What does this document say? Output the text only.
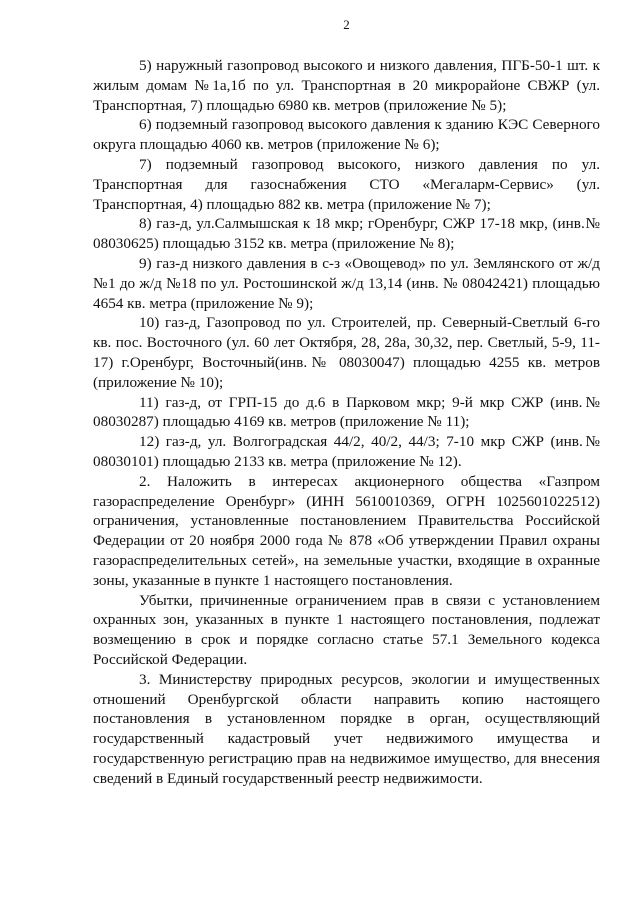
2

5) наружный газопровод высокого и низкого давления, ПГБ-50-1 шт. к жилым домам №1а,1б по ул. Транспортная в 20 микрорайоне СВЖР (ул. Транспортная, 7) площадью 6980 кв. метров (приложение № 5);

6) подземный газопровод высокого давления к зданию КЭС Северного округа площадью 4060 кв. метров (приложение № 6);

7) подземный газопровод высокого, низкого давления по ул. Транспортная для газоснабжения СТО «Мегаларм-Сервис» (ул. Транспортная, 4) площадью 882 кв. метра (приложение № 7);

8) газ-д, ул.Салмышская к 18 мкр; гОренбург, СЖР 17-18 мкр, (инв.№ 08030625) площадью 3152 кв. метра (приложение № 8);

9) газ-д низкого давления в с-з «Овощевод» по ул. Землянского от ж/д №1 до ж/д №18 по ул. Ростошинской ж/д 13,14 (инв. № 08042421) площадью 4654 кв. метра (приложение № 9);

10) газ-д, Газопровод по ул. Строителей, пр. Северный-Светлый 6-го кв. пос. Восточного (ул. 60 лет Октября, 28, 28а, 30,32, пер. Светлый, 5-9, 11-17) г.Оренбург, Восточный(инв.№ 08030047) площадью 4255 кв. метров (приложение № 10);

11) газ-д, от ГРП-15 до д.6 в Парковом мкр; 9-й мкр СЖР (инв.№ 08030287) площадью 4169 кв. метров (приложение № 11);

12) газ-д, ул. Волгоградская 44/2, 40/2, 44/3; 7-10 мкр СЖР (инв.№ 08030101) площадью 2133 кв. метра (приложение № 12).

2. Наложить в интересах акционерного общества «Газпром газораспределение Оренбург» (ИНН 5610010369, ОГРН 1025601022512) ограничения, установленные постановлением Правительства Российской Федерации от 20 ноября 2000 года № 878 «Об утверждении Правил охраны газораспределительных сетей», на земельные участки, входящие в охранные зоны, указанные в пункте 1 настоящего постановления.

Убытки, причиненные ограничением прав в связи с установлением охранных зон, указанных в пункте 1 настоящего постановления, подлежат возмещению в срок и порядке согласно статье 57.1 Земельного кодекса Российской Федерации.

3. Министерству природных ресурсов, экологии и имущественных отношений Оренбургской области направить копию настоящего постановления в установленном порядке в орган, осуществляющий государственный кадастровый учет недвижимого имущества и государственную регистрацию прав на недвижимое имущество, для внесения сведений в Единый государственный реестр недвижимости.
